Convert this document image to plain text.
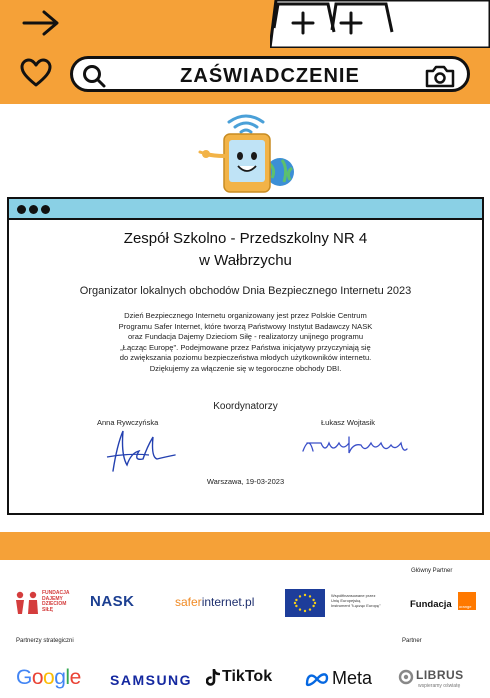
ZAŚWIADCZENIE
Zespół Szkolno - Przedszkolny NR 4
w Wałbrzychu
Organizator lokalnych obchodów Dnia Bezpiecznego Internetu 2023
Dzień Bezpiecznego Internetu organizowany jest przez Polskie Centrum
Programu Safer Internet, które tworzą Państwowy Instytut Badawczy NASK
oraz Fundacja Dajemy Dzieciom Siłę - realizatorzy unijnego programu
„Łącząc Europę". Podejmowane przez Państwa inicjatywy przyczyniają się
do zwiększania poziomu bezpieczeństwa młodych użytkowników internetu.
Dziękujemy za włączenie się w tegoroczne obchody DBI.
Koordynatorzy
Anna Rywczyńska	Łukasz Wojtasik
Warszawa, 19-03-2023
Główny Partner
FUNDACJA
DAJEMY
DZIECIOM
SIŁĘ	NASK	saferinternet.pl	Współfinansowane przez
Unię Europejską
Instrument "Łącząc Europę"	Fundacja orange
Partnerzy strategiczni	Partner
Google SAMSUNG TikTok	Meta	LIBRUS
wspieramy oświatę
